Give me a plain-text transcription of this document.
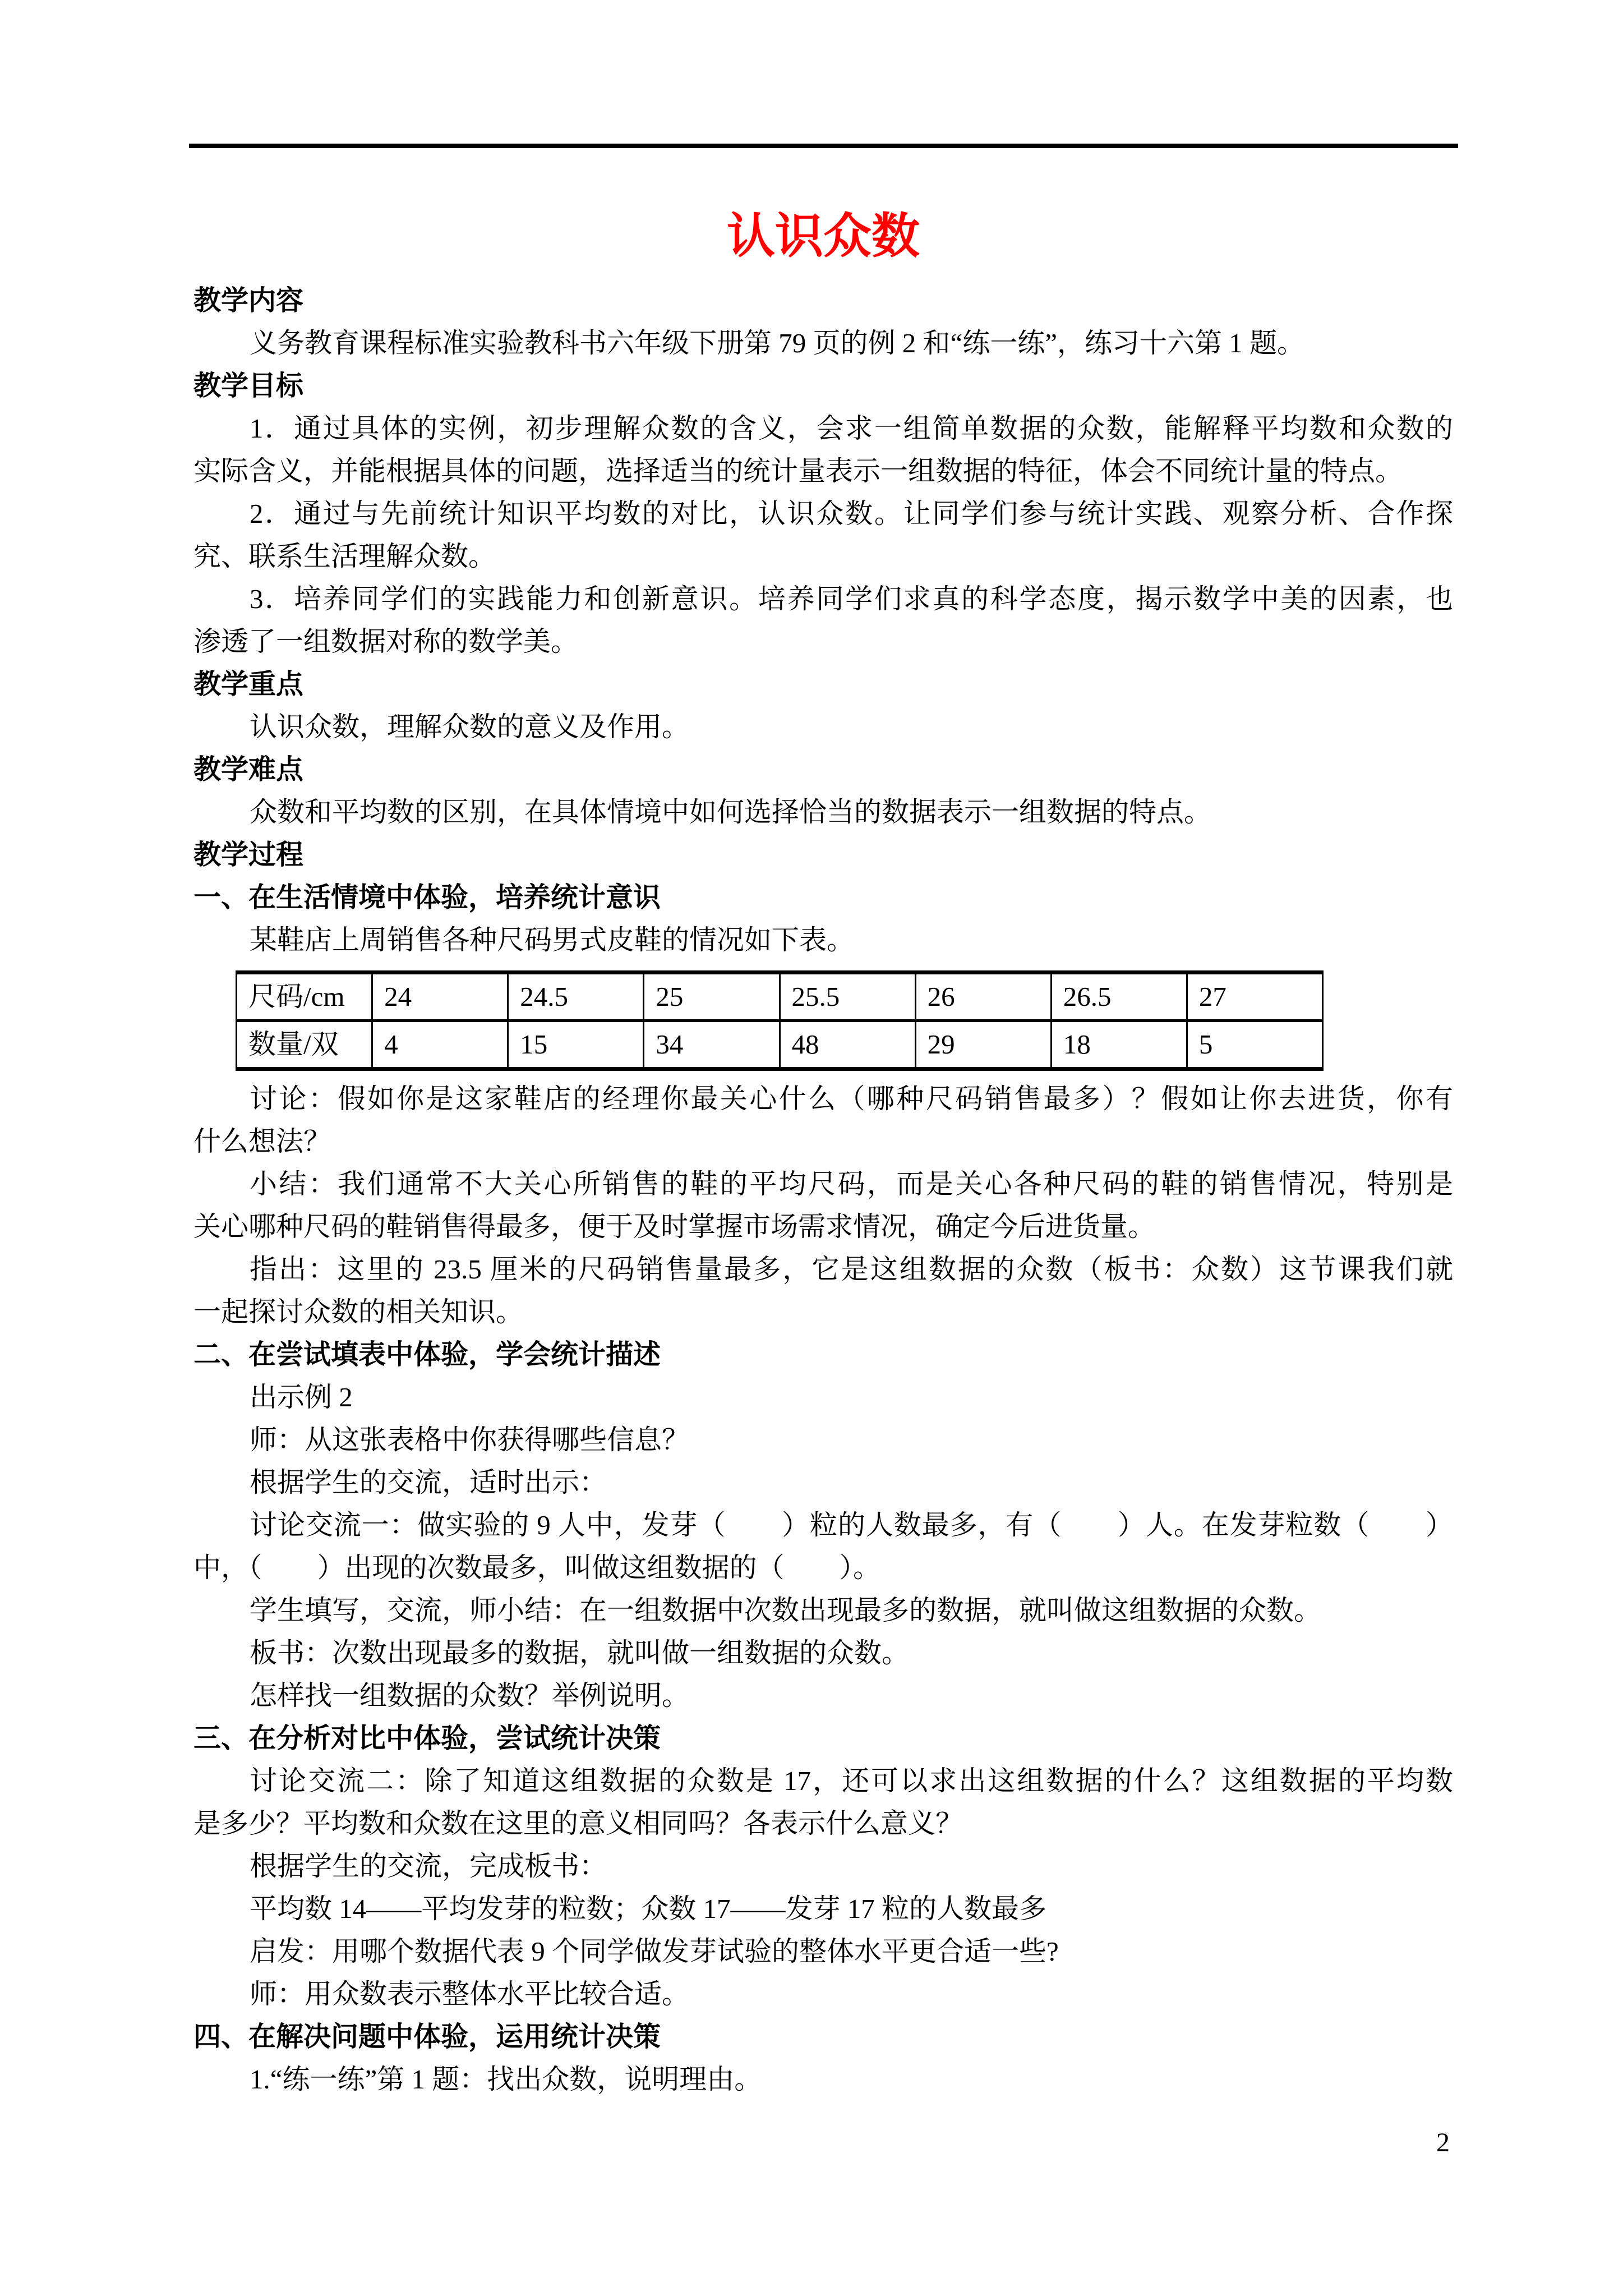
认识众数
教学内容
义务教育课程标准实验教科书六年级下册第 79 页的例 2 和“练一练”，练习十六第 1 题。
教学目标
1．通过具体的实例，初步理解众数的含义，会求一组简单数据的众数，能解释平均数和众数的
实际含义，并能根据具体的问题，选择适当的统计量表示一组数据的特征，体会不同统计量的特点。
2．通过与先前统计知识平均数的对比，认识众数。让同学们参与统计实践、观察分析、合作探
究、联系生活理解众数。
3．培养同学们的实践能力和创新意识。培养同学们求真的科学态度，揭示数学中美的因素，也
渗透了一组数据对称的数学美。
教学重点
认识众数，理解众数的意义及作用。
教学难点
众数和平均数的区别，在具体情境中如何选择恰当的数据表示一组数据的特点。
教学过程
一、在生活情境中体验，培养统计意识
某鞋店上周销售各种尺码男式皮鞋的情况如下表。
尺码/cm	24	24.5	25	25.5	26	26.5	27
数量/双	4	15	34	48	29	18	5
讨论：假如你是这家鞋店的经理你最关心什么（哪种尺码销售最多）？假如让你去进货，你有
什么想法？
小结：我们通常不大关心所销售的鞋的平均尺码，而是关心各种尺码的鞋的销售情况，特别是
关心哪种尺码的鞋销售得最多，便于及时掌握市场需求情况，确定今后进货量。
指出：这里的 23.5 厘米的尺码销售量最多，它是这组数据的众数（板书：众数）这节课我们就
一起探讨众数的相关知识。
二、在尝试填表中体验，学会统计描述
出示例 2
师：从这张表格中你获得哪些信息？
根据学生的交流，适时出示：
讨论交流一：做实验的 9 人中，发芽（　　）粒的人数最多，有（　　）人。在发芽粒数（　　）
中，（　　）出现的次数最多，叫做这组数据的（　　）。
学生填写，交流，师小结：在一组数据中次数出现最多的数据，就叫做这组数据的众数。
板书：次数出现最多的数据，就叫做一组数据的众数。
怎样找一组数据的众数？举例说明。
三、在分析对比中体验，尝试统计决策
讨论交流二：除了知道这组数据的众数是 17，还可以求出这组数据的什么？这组数据的平均数
是多少？平均数和众数在这里的意义相同吗？各表示什么意义？
根据学生的交流，完成板书：
平均数 14——平均发芽的粒数；众数 17——发芽 17 粒的人数最多
启发：用哪个数据代表 9 个同学做发芽试验的整体水平更合适一些?
师：用众数表示整体水平比较合适。
四、在解决问题中体验，运用统计决策
1.“练一练”第 1 题：找出众数，说明理由。
2
